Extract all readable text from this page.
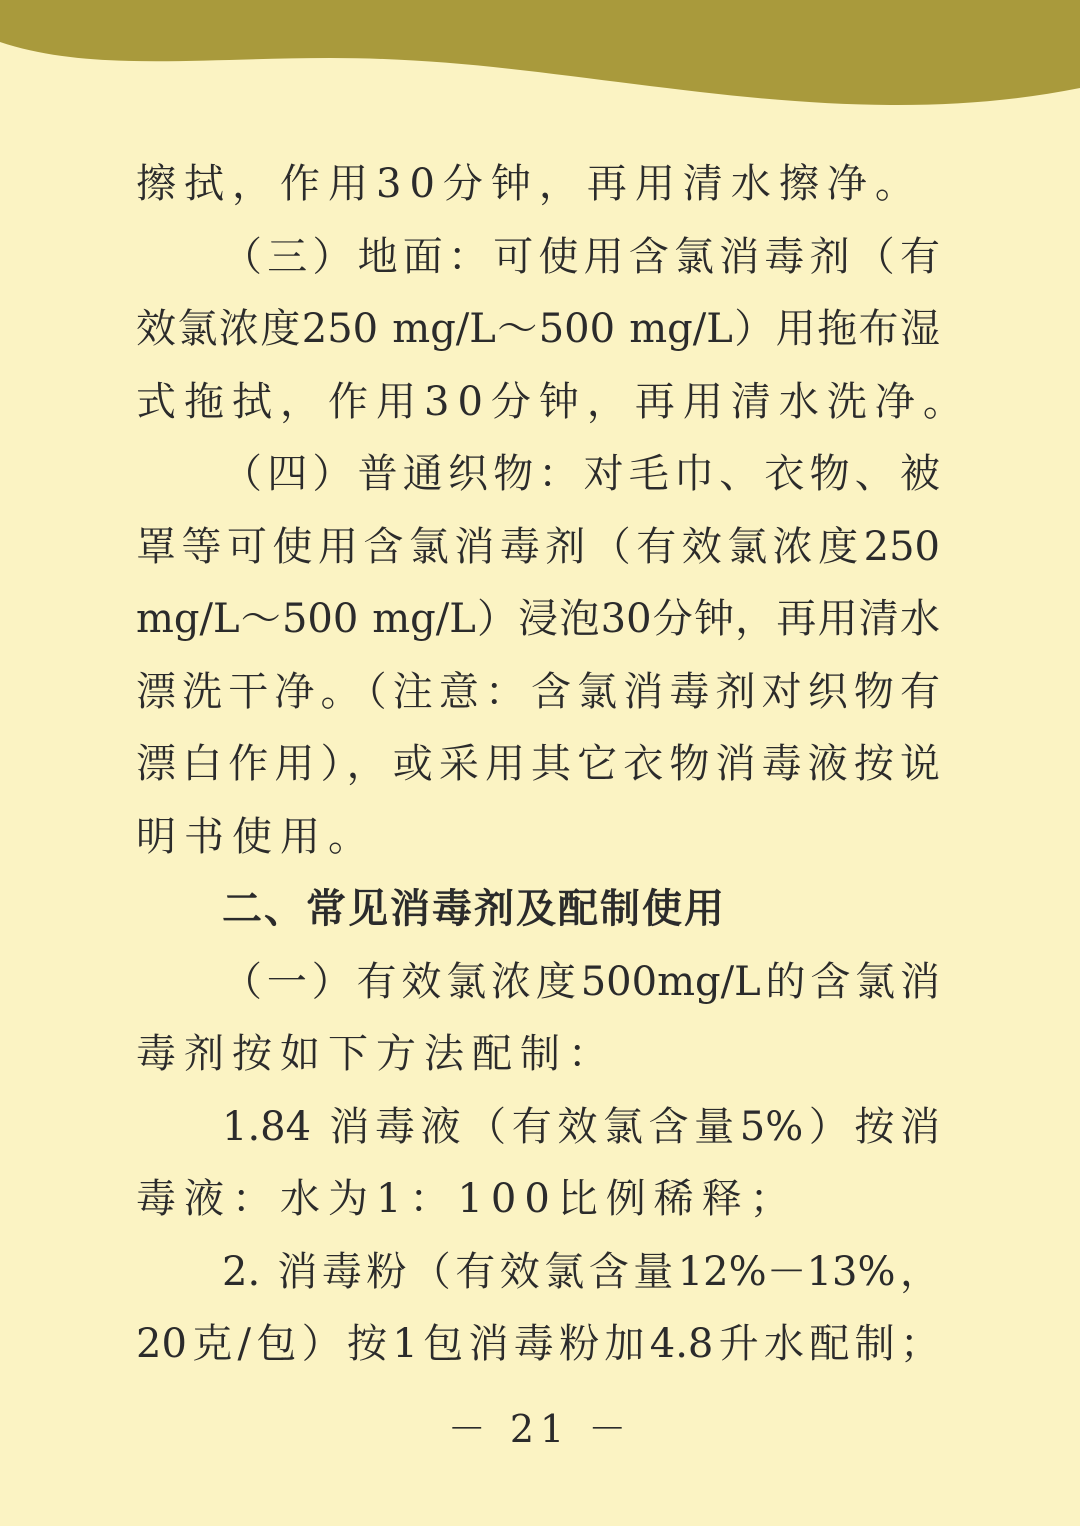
擦拭，作用30分钟，再用清水擦净。
（三）地面：可使用含氯消毒剂（有
效氯浓度250 mg/L～500 mg/L）用拖布湿
式拖拭，作用30分钟，再用清水洗净。
（四）普通织物：对毛巾、衣物、被
罩等可使用含氯消毒剂（有效氯浓度250
mg/L～500 mg/L）浸泡30分钟，再用清水
漂洗干净。（注意：含氯消毒剂对织物有
漂白作用），或采用其它衣物消毒液按说
明书使用。
二、常见消毒剂及配制使用
（一）有效氯浓度500mg/L的含氯消
毒剂按如下方法配制：
1.84 消毒液（有效氯含量5%）按消
毒液：水为1：100比例稀释；
2. 消毒粉（有效氯含量12%－13%，
20克/包）按1包消毒粉加4.8升水配制；
－ 21 －
